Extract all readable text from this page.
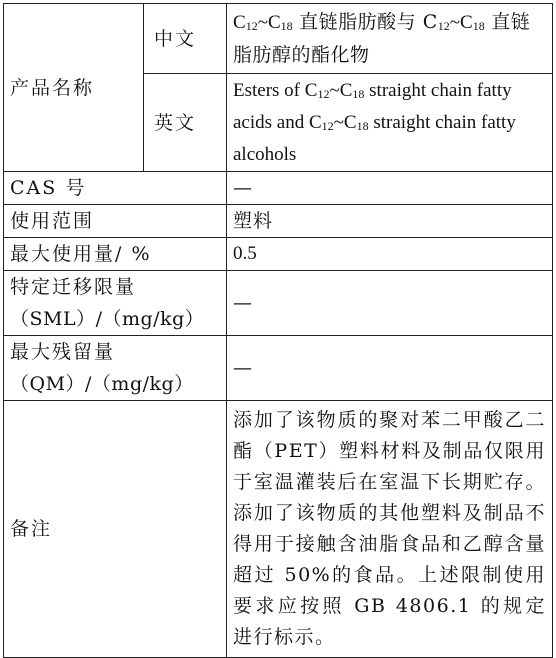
产品名称	中文	$C_{12}\sim C_{18}$ 直链脂肪酸与 $C_{12}\sim C_{18}$ 直链脂肪醇的酯化物
	英文	Esters of $C_{12}\sim C_{18}$ straight chain fatty acids and $C_{12}\sim C_{18}$ straight chain fatty alcohols
CAS 号		—
使用范围		塑料
最大使用量/ %		0.5

特定迁移限量
（SML）/（mg/kg）		—

最大残留量
（QM）/（mg/kg）		—
备注		添加了该物质的聚对苯二甲酸乙二酯（PET）塑料材料及制品仅限用于室温灌装后在室温下长期贮存。添加了该物质的其他塑料及制品不得用于接触含油脂食品和乙醇含量超过 50%的食品。上述限制使用要求应按照 GB 4806.1 的规定进行标示。
